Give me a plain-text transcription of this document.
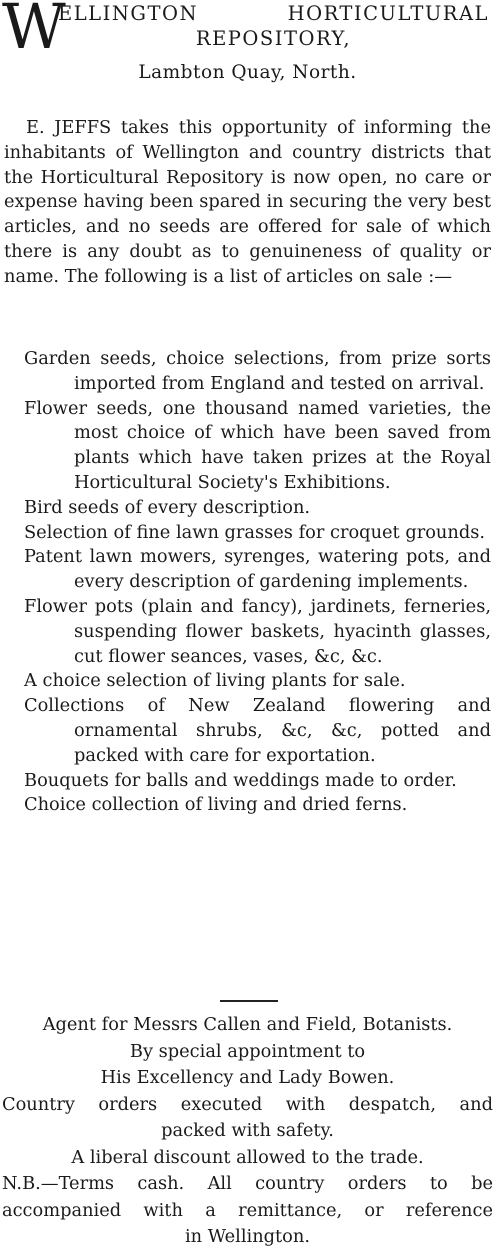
W
ELLINGTON HORTICULTURAL
REPOSITORY,
Lambton Quay, North.

E. JEFFS takes this opportunity of informing the inhabitants of Wellington and country districts that the Horticultural Repository is now open, no care or expense having been spared in securing the very best articles, and no seeds are offered for sale of which there is any doubt as to genuineness of quality or name. The following is a list of articles on sale :—

Garden seeds, choice selections, from prize sorts imported from England and tested on arrival.
Flower seeds, one thousand named varieties, the most choice of which have been saved from plants which have taken prizes at the Royal Horticultural Society's Exhibitions.
Bird seeds of every description.
Selection of fine lawn grasses for croquet grounds.
Patent lawn mowers, syrenges, watering pots, and every description of gardening implements.
Flower pots (plain and fancy), jardinets, ferneries, suspending flower baskets, hyacinth glasses, cut flower seances, vases, &c, &c.
A choice selection of living plants for sale.
Collections of New Zealand flowering and ornamental shrubs, &c, &c, potted and packed with care for exportation.
Bouquets for balls and weddings made to order.
Choice collection of living and dried ferns.
Agent for Messrs Callen and Field, Botanists.
By special appointment to
His Excellency and Lady Bowen.
Country orders executed with despatch, and
packed with safety.
A liberal discount allowed to the trade.
N.B.—Terms cash. All country orders to be
accompanied with a remittance, or reference
in Wellington.
